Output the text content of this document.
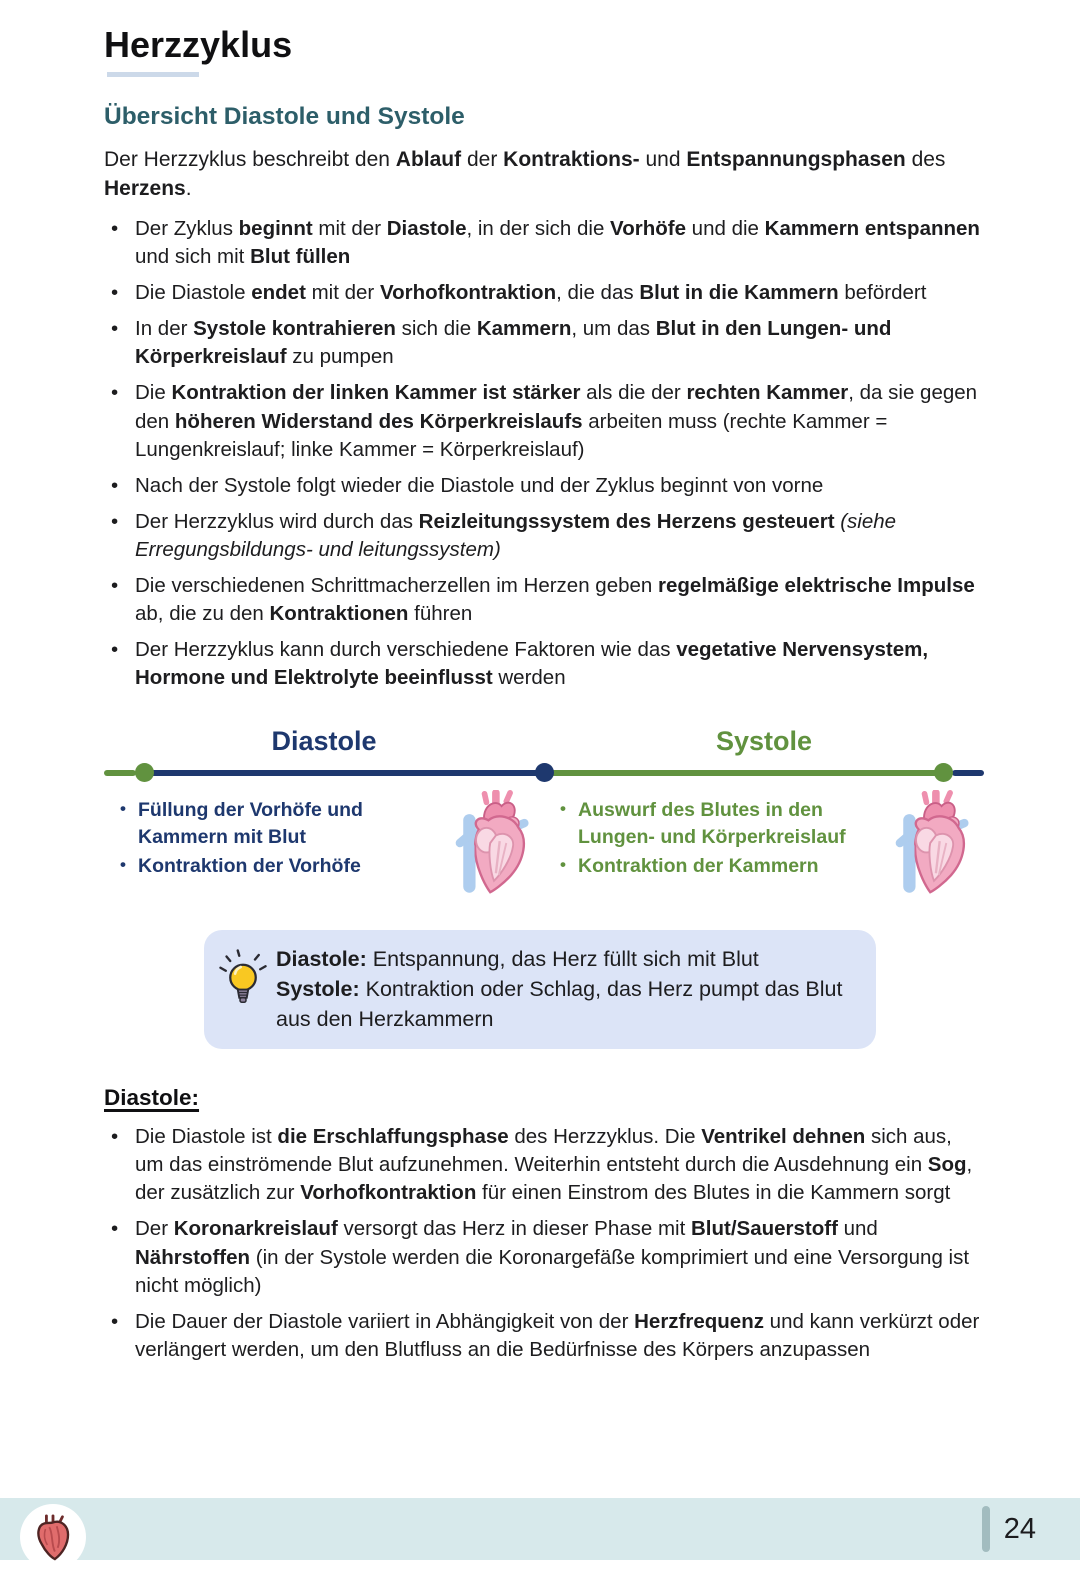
Herzzyklus
Übersicht Diastole und Systole

Der Herzzyklus beschreibt den Ablauf der Kontraktions- und Entspannungsphasen des Herzens.

• Der Zyklus beginnt mit der Diastole, in der sich die Vorhöfe und die Kammern entspannen und sich mit Blut füllen
• Die Diastole endet mit der Vorhofkontraktion, die das Blut in die Kammern befördert
• In der Systole kontrahieren sich die Kammern, um das Blut in den Lungen- und Körperkreislauf zu pumpen
• Die Kontraktion der linken Kammer ist stärker als die der rechten Kammer, da sie gegen den höheren Widerstand des Körperkreislaufs arbeiten muss (rechte Kammer = Lungenkreislauf; linke Kammer = Körperkreislauf)
• Nach der Systole folgt wieder die Diastole und der Zyklus beginnt von vorne
• Der Herzzyklus wird durch das Reizleitungssystem des Herzens gesteuert (siehe Erregungsbildungs- und leitungssystem)
• Die verschiedenen Schrittmacherzellen im Herzen geben regelmäßige elektrische Impulse ab, die zu den Kontraktionen führen
• Der Herzzyklus kann durch verschiedene Faktoren wie das vegetative Nervensystem, Hormone und Elektrolyte beeinflusst werden
Diastole	Systole
• Füllung der Vorhöfe und Kammern mit Blut
• Kontraktion der Vorhöfe
• Auswurf des Blutes in den Lungen- und Körperkreislauf
• Kontraktion der Kammern
Diastole: Entspannung, das Herz füllt sich mit Blut
Systole: Kontraktion oder Schlag, das Herz pumpt das Blut aus den Herzkammern
Diastole:
• Die Diastole ist die Erschlaffungsphase des Herzzyklus. Die Ventrikel dehnen sich aus, um das einströmende Blut aufzunehmen. Weiterhin entsteht durch die Ausdehnung ein Sog, der zusätzlich zur Vorhofkontraktion für einen Einstrom des Blutes in die Kammern sorgt
• Der Koronarkreislauf versorgt das Herz in dieser Phase mit Blut/Sauerstoff und Nährstoffen (in der Systole werden die Koronargefäße komprimiert und eine Versorgung ist nicht möglich)
• Die Dauer der Diastole variiert in Abhängigkeit von der Herzfrequenz und kann verkürzt oder verlängert werden, um den Blutfluss an die Bedürfnisse des Körpers anzupassen
24
